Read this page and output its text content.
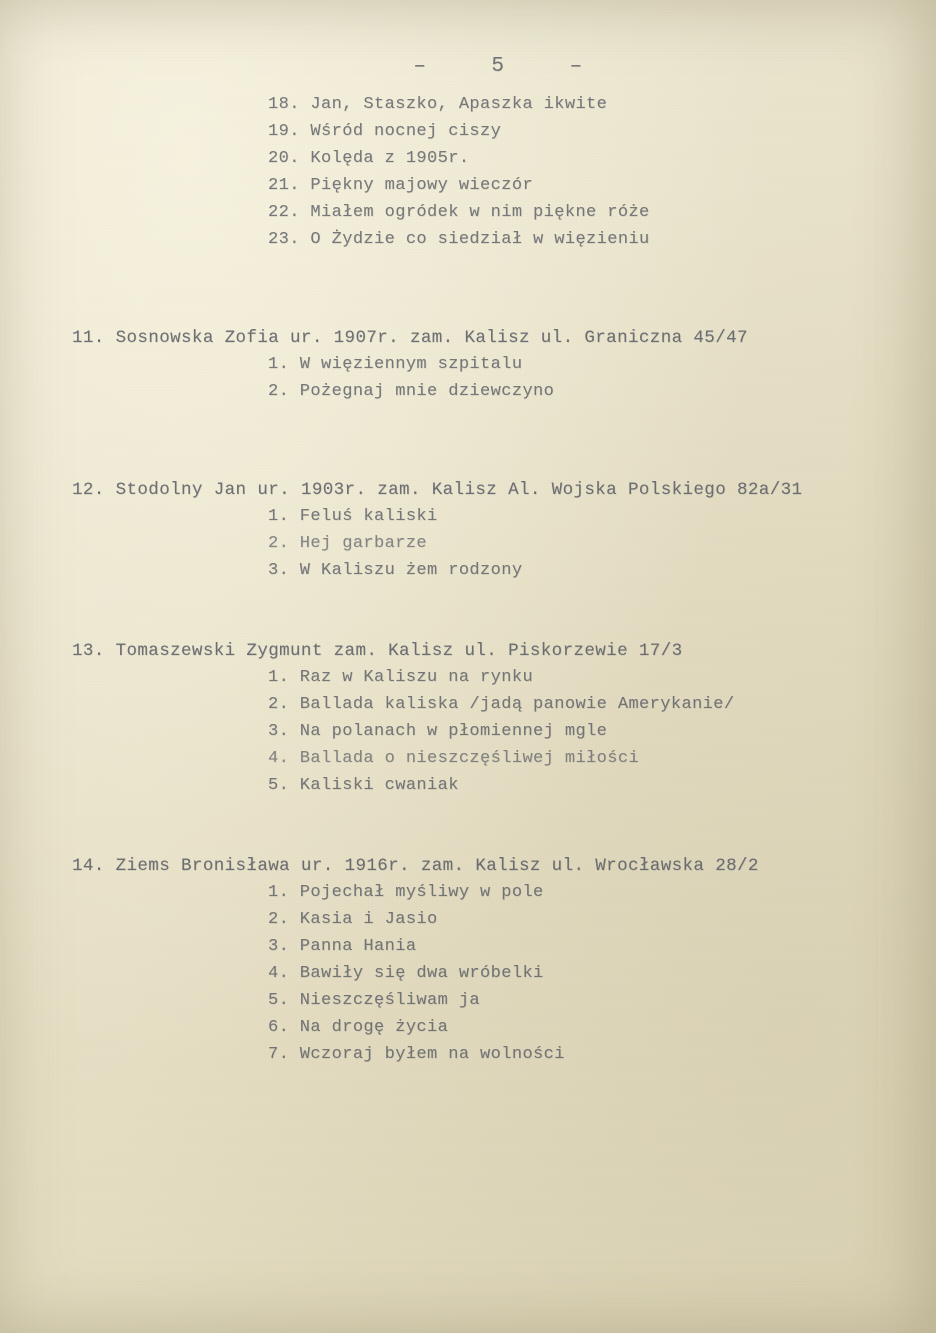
–	5	–

18. Jan, Staszko, Apaszka ikwite
19. Wśród nocnej ciszy
20. Kolęda z 1905r.
21. Piękny majowy wieczór
22. Miałem ogródek w nim piękne róże
23. O Żydzie co siedział w więzieniu
11. Sosnowska Zofia ur. 1907r. zam. Kalisz ul. Graniczna 45/47
1. W więziennym szpitalu
2. Pożegnaj mnie dziewczyno
12. Stodolny Jan ur. 1903r. zam. Kalisz Al. Wojska Polskiego 82a/31
1. Feluś kaliski
2. Hej garbarze
3. W Kaliszu żem rodzony
13. Tomaszewski Zygmunt zam. Kalisz ul. Piskorzewie 17/3
1. Raz w Kaliszu na rynku
2. Ballada kaliska /jadą panowie Amerykanie/
3. Na polanach w płomiennej mgle
4. Ballada o nieszczęśliwej miłości
5. Kaliski cwaniak
14. Ziems Bronisława ur. 1916r. zam. Kalisz ul. Wrocławska 28/2
1. Pojechał myśliwy w pole
2. Kasia i Jasio
3. Panna Hania
4. Bawiły się dwa wróbelki
5. Nieszczęśliwam ja
6. Na drogę życia
7. Wczoraj byłem na wolności
